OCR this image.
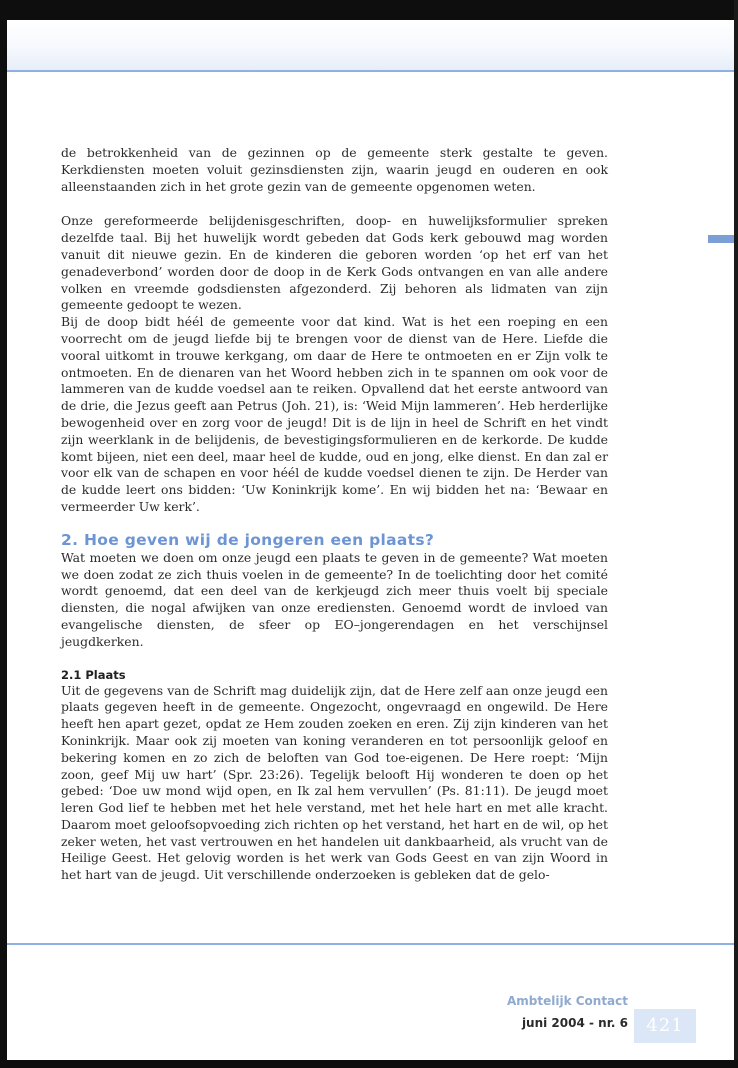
de betrokkenheid van de gezinnen op de gemeente sterk gestalte te geven. Kerkdiensten moeten voluit gezinsdiensten zijn, waarin jeugd en ouderen en ook alleenstaanden zich in het grote gezin van de gemeente opgenomen weten.

Onze gereformeerde belijdenisgeschriften, doop- en huwelijksformulier spreken dezelfde taal. Bij het huwelijk wordt gebeden dat Gods kerk gebouwd mag worden vanuit dit nieuwe gezin. En de kinderen die geboren worden ‘op het erf van het genadeverbond’ worden door de doop in de Kerk Gods ontvangen en van alle andere volken en vreemde godsdiensten afgezonderd. Zij behoren als lidmaten van zijn gemeente gedoopt te wezen.

Bij de doop bidt héél de gemeente voor dat kind. Wat is het een roeping en een voorrecht om de jeugd liefde bij te brengen voor de dienst van de Here. Liefde die vooral uitkomt in trouwe kerkgang, om daar de Here te ontmoeten en er Zijn volk te ontmoeten. En de dienaren van het Woord hebben zich in te spannen om ook voor de lammeren van de kudde voedsel aan te reiken. Opvallend dat het eerste antwoord van de drie, die Jezus geeft aan Petrus (Joh. 21), is: ‘Weid Mijn lammeren’. Heb herderlijke bewogenheid over en zorg voor de jeugd! Dit is de lijn in heel de Schrift en het vindt zijn weerklank in de belijdenis, de bevestigingsformulieren en de kerkorde. De kudde komt bijeen, niet een deel, maar heel de kudde, oud en jong, elke dienst. En dan zal er voor elk van de schapen en voor héél de kudde voedsel dienen te zijn. De Herder van de kudde leert ons bidden: ‘Uw Koninkrijk kome’. En wij bidden het na: ‘Bewaar en vermeerder Uw kerk’.

2. Hoe geven wij de jongeren een plaats?

Wat moeten we doen om onze jeugd een plaats te geven in de gemeente? Wat moeten we doen zodat ze zich thuis voelen in de gemeente? In de toelichting door het comité wordt genoemd, dat een deel van de kerkjeugd zich meer thuis voelt bij speciale diensten, die nogal afwijken van onze erediensten. Genoemd wordt de invloed van evangelische diensten, de sfeer op EO–jongerendagen en het verschijnsel jeugdkerken.

2.1 Plaats

Uit de gegevens van de Schrift mag duidelijk zijn, dat de Here zelf aan onze jeugd een plaats gegeven heeft in de gemeente. Ongezocht, ongevraagd en ongewild. De Here heeft hen apart gezet, opdat ze Hem zouden zoeken en eren. Zij zijn kinderen van het Koninkrijk. Maar ook zij moeten van koning veranderen en tot persoonlijk geloof en bekering komen en zo zich de beloften van God toe-eigenen. De Here roept: ‘Mijn zoon, geef Mij uw hart’ (Spr. 23:26). Tegelijk belooft Hij wonderen te doen op het gebed: ‘Doe uw mond wijd open, en Ik zal hem vervullen’ (Ps. 81:11). De jeugd moet leren God lief te hebben met het hele verstand, met het hele hart en met alle kracht. Daarom moet geloofsopvoeding zich richten op het verstand, het hart en de wil, op het zeker weten, het vast vertrouwen en het handelen uit dankbaarheid, als vrucht van de Heilige Geest. Het gelovig worden is het werk van Gods Geest en van zijn Woord in het hart van de jeugd. Uit verschillende onderzoeken is gebleken dat de gelo-

Ambtelijk Contact
juni 2004 - nr. 6	421
